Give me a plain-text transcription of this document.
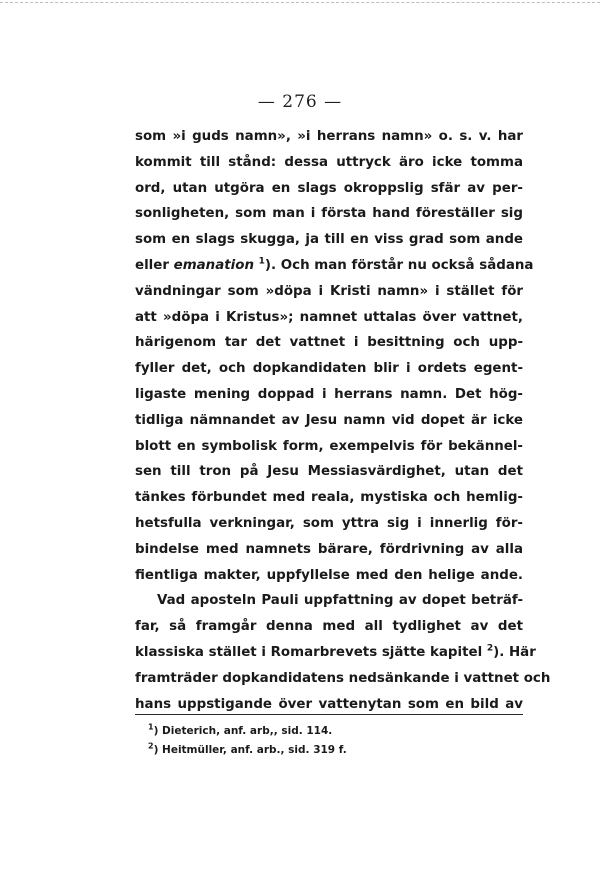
— 276 —
som »i guds namn», »i herrans namn» o. s. v. har
kommit till stånd: dessa uttryck äro icke tomma
ord, utan utgöra en slags okroppslig sfär av per-
sonligheten, som man i första hand föreställer sig
som en slags skugga, ja till en viss grad som ande
eller emanation $^1$). Och man förstår nu också sådana
vändningar som »döpa i Kristi namn» i stället för
att »döpa i Kristus»; namnet uttalas över vattnet,
härigenom tar det vattnet i besittning och upp-
fyller det, och dopkandidaten blir i ordets egent-
ligaste mening doppad i herrans namn. Det hög-
tidliga nämnandet av Jesu namn vid dopet är icke
blott en symbolisk form, exempelvis för bekännel-
sen till tron på Jesu Messiasvärdighet, utan det
tänkes förbundet med reala, mystiska och hemlig-
hetsfulla verkningar, som yttra sig i innerlig för-
bindelse med namnets bärare, fördrivning av alla
fientliga makter, uppfyllelse med den helige ande.
Vad aposteln Pauli uppfattning av dopet beträf-
far, så framgår denna med all tydlighet av det
klassiska stället i Romarbrevets sjätte kapitel $^2$). Här
framträder dopkandidatens nedsänkande i vattnet och
hans uppstigande över vattenytan som en bild av
$^1$) Dieterich, anf. arb,, sid. 114.
$^2$) Heitmüller, anf. arb., sid. 319 f.
